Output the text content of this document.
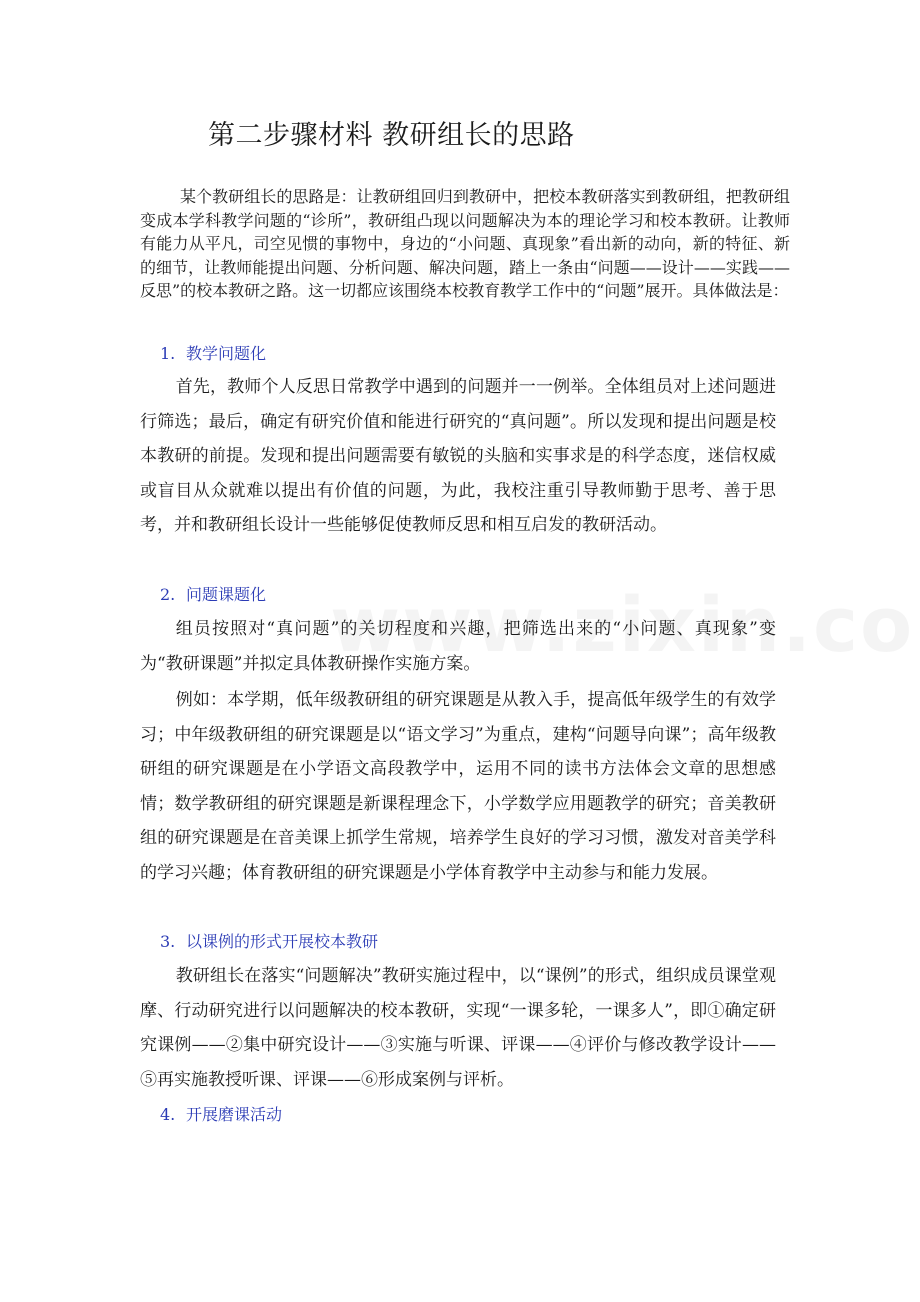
第二步骤材料 教研组长的思路

某个教研组长的思路是：让教研组回归到教研中，把校本教研落实到教研组，把教研组变成本学科教学问题的“诊所”，教研组凸现以问题解决为本的理论学习和校本教研。让教师有能力从平凡，司空见惯的事物中，身边的“小问题、真现象”看出新的动向，新的特征、新的细节，让教师能提出问题、分析问题、解决问题，踏上一条由“问题——设计——实践——反思”的校本教研之路。这一切都应该围绕本校教育教学工作中的“问题”展开。具体做法是：

1. 教学问题化

首先，教师个人反思日常教学中遇到的问题并一一例举。全体组员对上述问题进行筛选；最后，确定有研究价值和能进行研究的“真问题”。所以发现和提出问题是校本教研的前提。发现和提出问题需要有敏锐的头脑和实事求是的科学态度，迷信权威或盲目从众就难以提出有价值的问题，为此，我校注重引导教师勤于思考、善于思考，并和教研组长设计一些能够促使教师反思和相互启发的教研活动。

2. 问题课题化

组员按照对“真问题”的关切程度和兴趣，把筛选出来的“小问题、真现象”变为“教研课题”并拟定具体教研操作实施方案。

例如：本学期，低年级教研组的研究课题是从教入手，提高低年级学生的有效学习；中年级教研组的研究课题是以“语文学习”为重点，建构“问题导向课”；高年级教研组的研究课题是在小学语文高段教学中，运用不同的读书方法体会文章的思想感情；数学教研组的研究课题是新课程理念下，小学数学应用题教学的研究；音美教研组的研究课题是在音美课上抓学生常规，培养学生良好的学习习惯，激发对音美学科的学习兴趣；体育教研组的研究课题是小学体育教学中主动参与和能力发展。

3. 以课例的形式开展校本教研

教研组长在落实“问题解决”教研实施过程中，以“课例”的形式，组织成员课堂观摩、行动研究进行以问题解决的校本教研，实现“一课多轮，一课多人”，即①确定研究课例——②集中研究设计——③实施与听课、评课——④评价与修改教学设计——⑤再实施教授听课、评课——⑥形成案例与评析。

4. 开展磨课活动
